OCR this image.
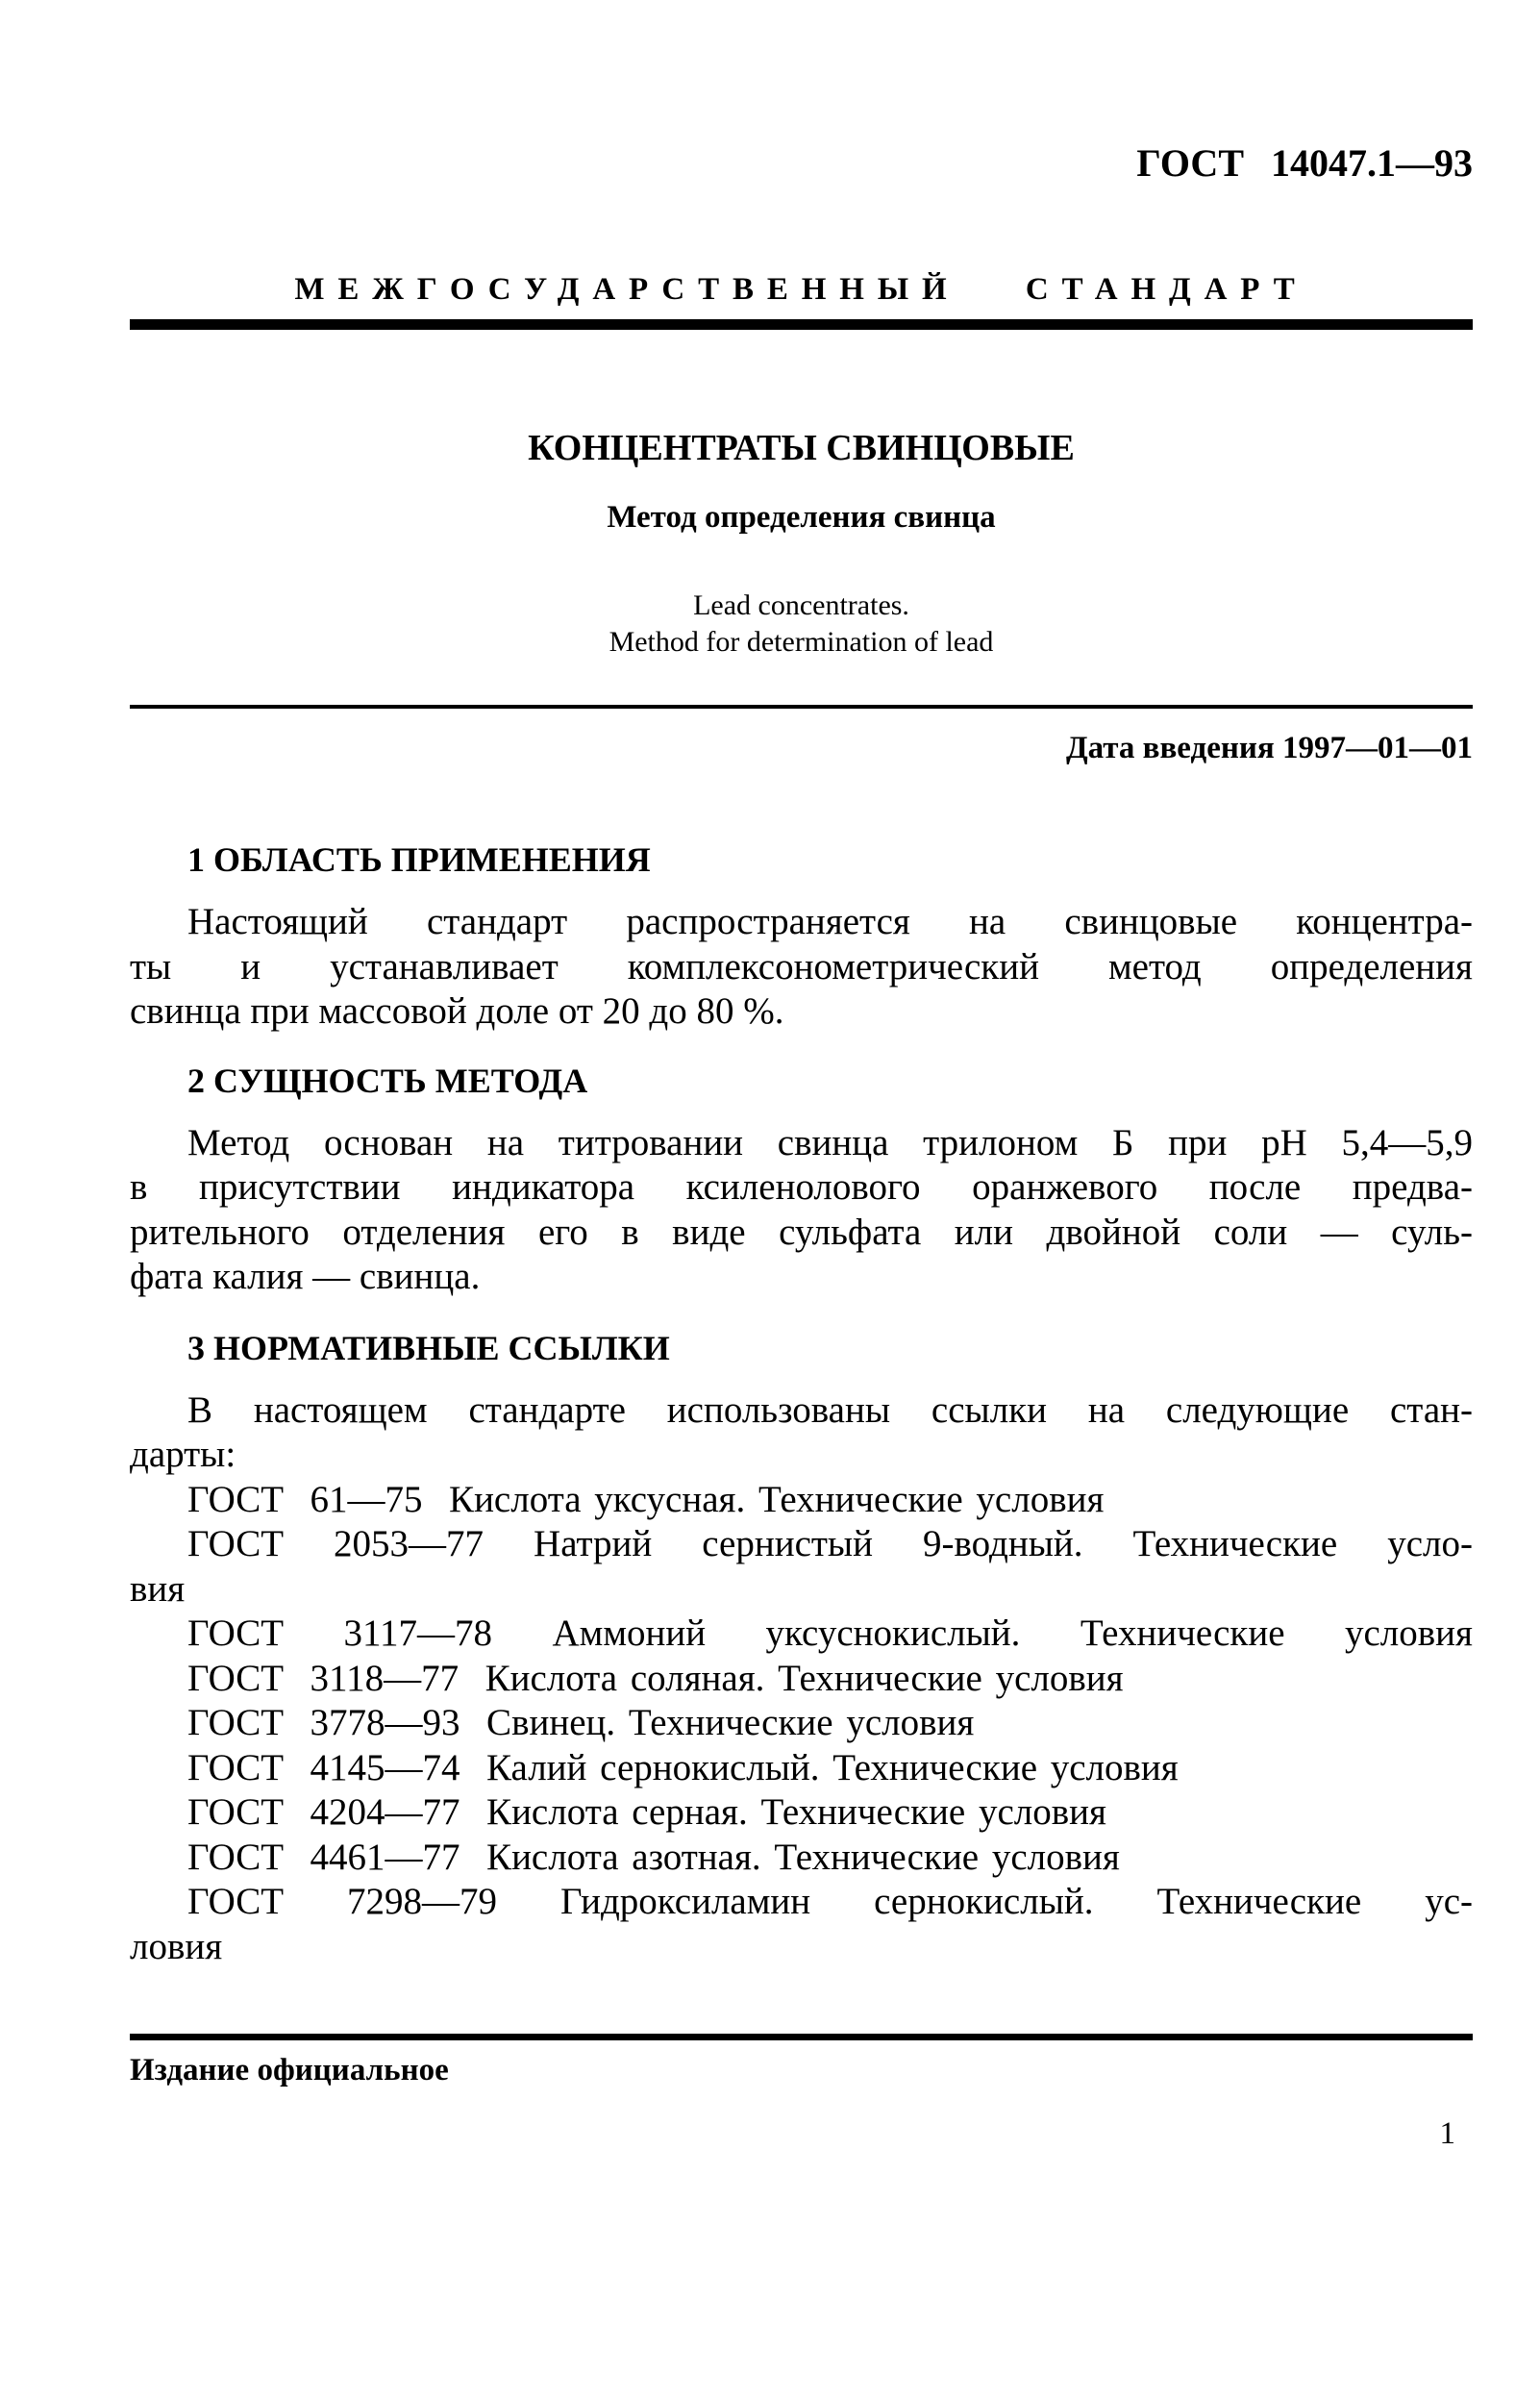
ГОСТ 14047.1—93
МЕЖГОСУДАРСТВЕННЫЙ СТАНДАРТ
КОНЦЕНТРАТЫ СВИНЦОВЫЕ
Метод определения свинца
Lead concentrates.
Method for determination of lead
Дата введения 1997—01—01
1 ОБЛАСТЬ ПРИМЕНЕНИЯ
Настоящий стандарт распространяется на свинцовые концентра-
ты и устанавливает комплексонометрический метод определения
свинца при массовой доле от 20 до 80 %.
2 СУЩНОСТЬ МЕТОДА
Метод основан на титровании свинца трилоном Б при рН 5,4—5,9
в присутствии индикатора ксиленолового оранжевого после предва-
рительного отделения его в виде сульфата или двойной соли — суль-
фата калия — свинца.
3 НОРМАТИВНЫЕ ССЫЛКИ
В настоящем стандарте использованы ссылки на следующие стан-
дарты:
ГОСТ  61—75  Кислота уксусная. Технические условия
ГОСТ 2053—77 Натрий сернистый 9-водный. Технические усло-
вия
ГОСТ 3117—78 Аммоний уксуснокислый. Технические условия
ГОСТ  3118—77  Кислота соляная. Технические условия
ГОСТ  3778—93  Свинец. Технические условия
ГОСТ  4145—74  Калий сернокислый. Технические условия
ГОСТ  4204—77  Кислота серная. Технические условия
ГОСТ  4461—77  Кислота азотная. Технические условия
ГОСТ 7298—79 Гидроксиламин сернокислый. Технические ус-
ловия
Издание официальное
1
